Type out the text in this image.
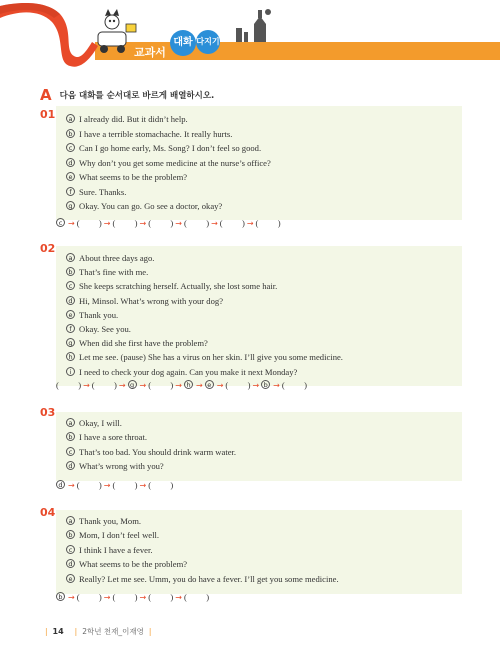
교과서
대화 다지기
A 다음 대화를 순서대로 바르게 배열하시오.
01	a I already did. But it didn’t help.
b I have a terrible stomachache. It really hurts.
c Can I go home early, Ms. Song? I don’t feel so good.
d Why don’t you get some medicine at the nurse’s office?
e What seems to be the problem?
f Sure. Thanks.
g Okay. You can go. Go see a doctor, okay?
c → (         ) → (         ) → (         ) → (         ) → (         ) → (         )
02
a About three days ago.
b That’s fine with me.
c She keeps scratching herself. Actually, she lost some hair.
d Hi, Minsol. What’s wrong with your dog?
e Thank you.
f Okay. See you.
g When did she first have the problem?
h Let me see. (pause) She has a virus on her skin. I’ll give you some medicine.
i I need to check your dog again. Can you make it next Monday?
(         ) → (         ) → g → (         ) → h → e → (         ) → b → (         )
03
a Okay, I will.
b I have a sore throat.
c That’s too bad. You should drink warm water.
d What’s wrong with you?
d → (         ) → (         ) → (         )
04
a Thank you, Mom.
b Mom, I don’t feel well.
c I think I have a fever.
d What seems to be the problem?
e Really? Let me see. Umm, you do have a fever. I’ll get you some medicine.
b → (         ) → (         ) → (         ) → (         )
| 14 | 2학년 천재_이재영 |
